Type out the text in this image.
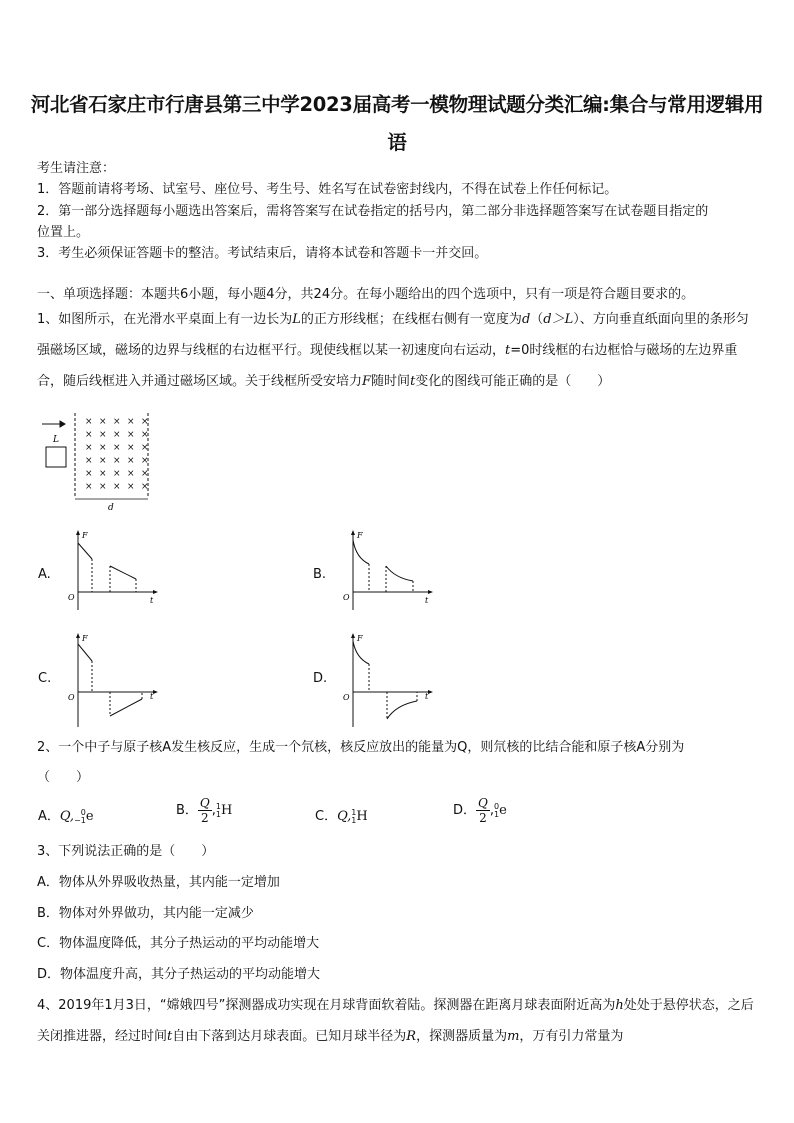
河北省石家庄市行唐县第三中学2023届高考一模物理试题分类汇编:集合与常用逻辑用
语
考生请注意：
1．答题前请将考场、试室号、座位号、考生号、姓名写在试卷密封线内，不得在试卷上作任何标记。
2．第一部分选择题每小题选出答案后，需将答案写在试卷指定的括号内，第二部分非选择题答案写在试卷题目指定的
位置上。
3．考生必须保证答题卡的整洁。考试结束后，请将本试卷和答题卡一并交回。
一、单项选择题：本题共6小题，每小题4分，共24分。在每小题给出的四个选项中，只有一项是符合题目要求的。

1、如图所示，在光滑水平桌面上有一边长为L的正方形线框；在线框右侧有一宽度为d（d＞L）、方向垂直纸面向里的条形匀强磁场区域，磁场的边界与线框的右边框平行。现使线框以某一初速度向右运动，t=0时线框的右边框恰与磁场的左边界重合，随后线框进入并通过磁场区域。关于线框所受安培力F随时间t变化的图线可能正确的是（　　）

L
× × × × ×
× × × × ×
× × × × ×
× × × × ×
× × × × ×
× × × × ×
d
A.	B.
C.	D.
F
t
O
F
t
O
F
t
O
F
t
O
2、一个中子与原子核A发生核反应，生成一个氘核，核反应放出的能量为Q，则氘核的比结合能和原子核A分别为
（　　）
A．Q, 0
−1 e	B． $\frac{Q}{2}$ , 1
1 H	C．Q, 1
1 H	D． $\frac{Q}{2}$ , 0
1 e
3、下列说法正确的是（　　）
A．物体从外界吸收热量，其内能一定增加
B．物体对外界做功，其内能一定减少
C．物体温度降低，其分子热运动的平均动能增大
D．物体温度升高，其分子热运动的平均动能增大

4、2019年1月3日，“嫦娥四号”探测器成功实现在月球背面软着陆。探测器在距离月球表面附近高为h处处于悬停状态，之后关闭推进器，经过时间t自由下落到达月球表面。已知月球半径为R，探测器质量为m，万有引力常量为
